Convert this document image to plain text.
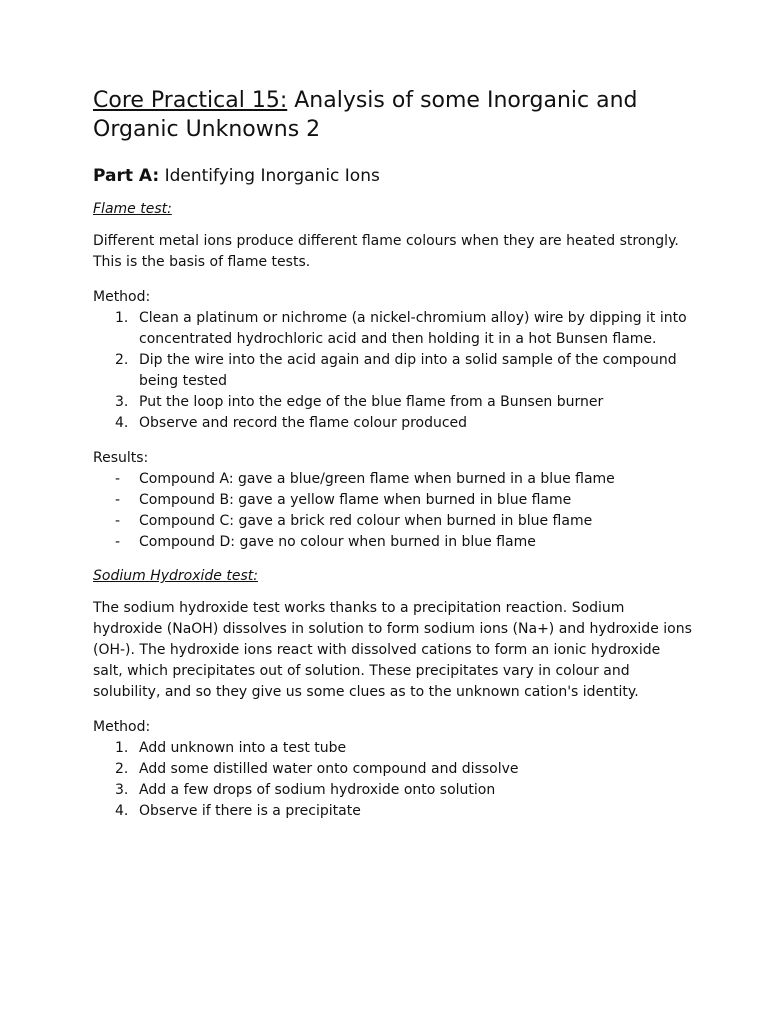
Core Practical 15: Analysis of some Inorganic and Organic Unknowns 2
Part A: Identifying Inorganic Ions
Flame test:

Different metal ions produce different flame colours when they are heated strongly. This is the basis of flame tests.

Method:

1. Clean a platinum or nichrome (a nickel-chromium alloy) wire by dipping it into concentrated hydrochloric acid and then holding it in a hot Bunsen flame.
2. Dip the wire into the acid again and dip into a solid sample of the compound being tested
3. Put the loop into the edge of the blue flame from a Bunsen burner
4. Observe and record the flame colour produced

Results:

-	Compound A: gave a blue/green flame when burned in a blue flame
-	Compound B: gave a yellow flame when burned in blue flame
-	Compound C: gave a brick red colour when burned in blue flame
-	Compound D: gave no colour when burned in blue flame
Sodium Hydroxide test:

The sodium hydroxide test works thanks to a precipitation reaction. Sodium hydroxide (NaOH) dissolves in solution to form sodium ions (Na+) and hydroxide ions (OH-). The hydroxide ions react with dissolved cations to form an ionic hydroxide salt, which precipitates out of solution. These precipitates vary in colour and solubility, and so they give us some clues as to the unknown cation's identity.

Method:

1. Add unknown into a test tube
2. Add some distilled water onto compound and dissolve
3. Add a few drops of sodium hydroxide onto solution
4. Observe if there is a precipitate
